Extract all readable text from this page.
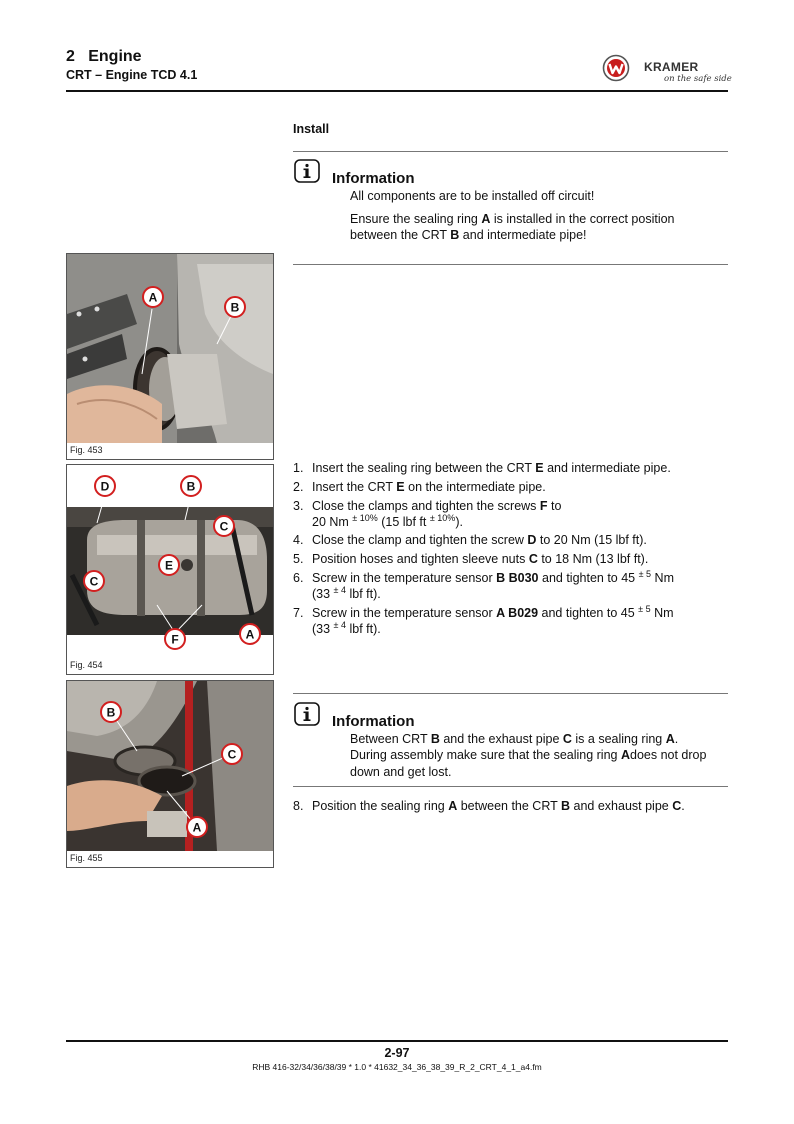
2   Engine
CRT – Engine TCD 4.1
KRAMER
on the safe side
Install
Information
All components are to be installed off circuit!
Ensure the sealing ring A is installed in the correct position
between the CRT B and intermediate pipe!
A
B
Fig. 453
D	B
C
E
C
F	A
Fig. 454
1. Insert the sealing ring between the CRT E and intermediate pipe.
2. Insert the CRT E on the intermediate pipe.
3. Close the clamps and tighten the screws F to
20 Nm $^{\pm 10\%}$ (15 lbf ft $^{\pm 10\%}$).
4. Close the clamp and tighten the screw D to 20 Nm (15 lbf ft).
5. Position hoses and tighten sleeve nuts C to 18 Nm (13 lbf ft).
6. Screw in the temperature sensor B B030 and tighten to 45 $^{\pm 5}$ Nm
(33 $^{\pm 4}$ lbf ft).
7. Screw in the temperature sensor A B029 and tighten to 45 $^{\pm 5}$ Nm
(33 $^{\pm 4}$ lbf ft).
B
C
A
Fig. 455
Information
Between CRT B and the exhaust pipe C is a sealing ring A.
During assembly make sure that the sealing ring Adoes not drop
down and get lost.
8. Position the sealing ring A between the CRT B and exhaust pipe C.
2-97
RHB 416-32/34/36/38/39 * 1.0 * 41632_34_36_38_39_R_2_CRT_4_1_a4.fm
